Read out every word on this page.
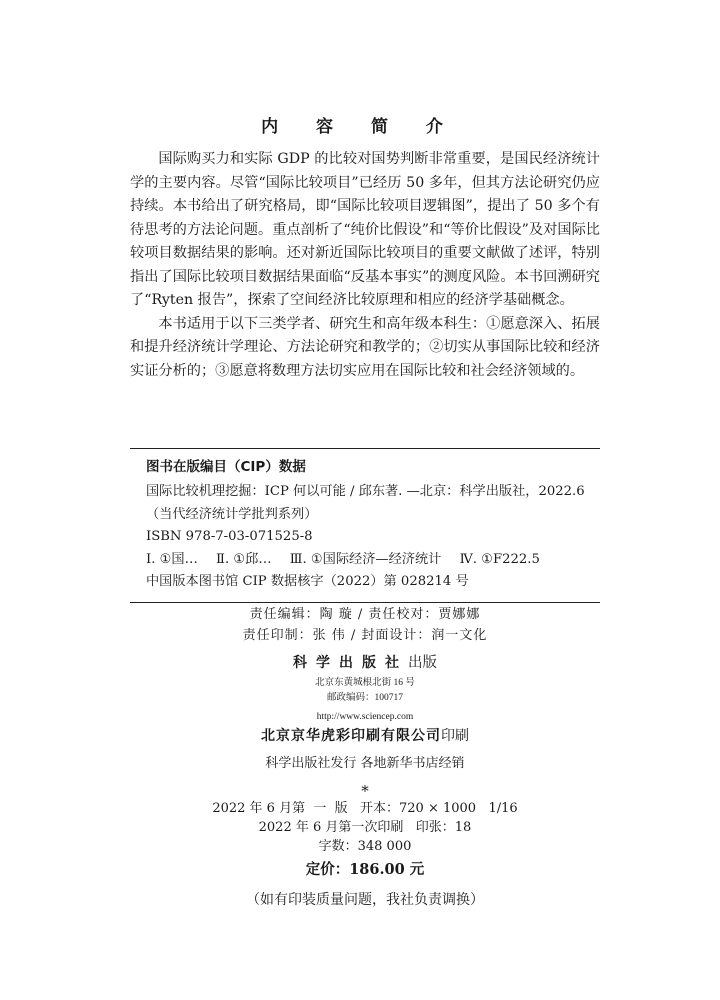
内 容 简 介

国际购买力和实际 GDP 的比较对国势判断非常重要，是国民经济统计学的主要内容。尽管“国际比较项目”已经历 50 多年，但其方法论研究仍应持续。本书给出了研究格局，即“国际比较项目逻辑图”，提出了 50 多个有待思考的方法论问题。重点剖析了“纯价比假设”和“等价比假设”及对国际比较项目数据结果的影响。还对新近国际比较项目的重要文献做了述评，特别指出了国际比较项目数据结果面临“反基本事实”的测度风险。本书回溯研究了“Ryten 报告”，探索了空间经济比较原理和相应的经济学基础概念。

本书适用于以下三类学者、研究生和高年级本科生：①愿意深入、拓展和提升经济统计学理论、方法论研究和教学的；②切实从事国际比较和经济实证分析的；③愿意将数理方法切实应用在国际比较和社会经济领域的。

图书在版编目（CIP）数据
国际比较机理挖掘：ICP 何以可能 / 邱东著. —北京：科学出版社，2022.6
（当代经济统计学批判系列）
ISBN 978-7-03-071525-8
Ⅰ. ①国… Ⅱ. ①邱… Ⅲ. ①国际经济—经济统计 Ⅳ. ①F222.5
中国版本图书馆 CIP 数据核字（2022）第 028214 号
责任编辑：陶 璇 / 责任校对：贾娜娜
责任印制：张 伟 / 封面设计：润一文化
科学出版社出版
北京东黄城根北街 16 号
邮政编码：100717
http://www.sciencep.com
北京京华虎彩印刷有限公司印刷
科学出版社发行 各地新华书店经销
*
2022 年 6 月第  一  版   开本：720 × 1000   1/16
2022 年 6 月第一次印刷   印张：18
字数：348 000
定价：186.00 元
（如有印装质量问题，我社负责调换）
